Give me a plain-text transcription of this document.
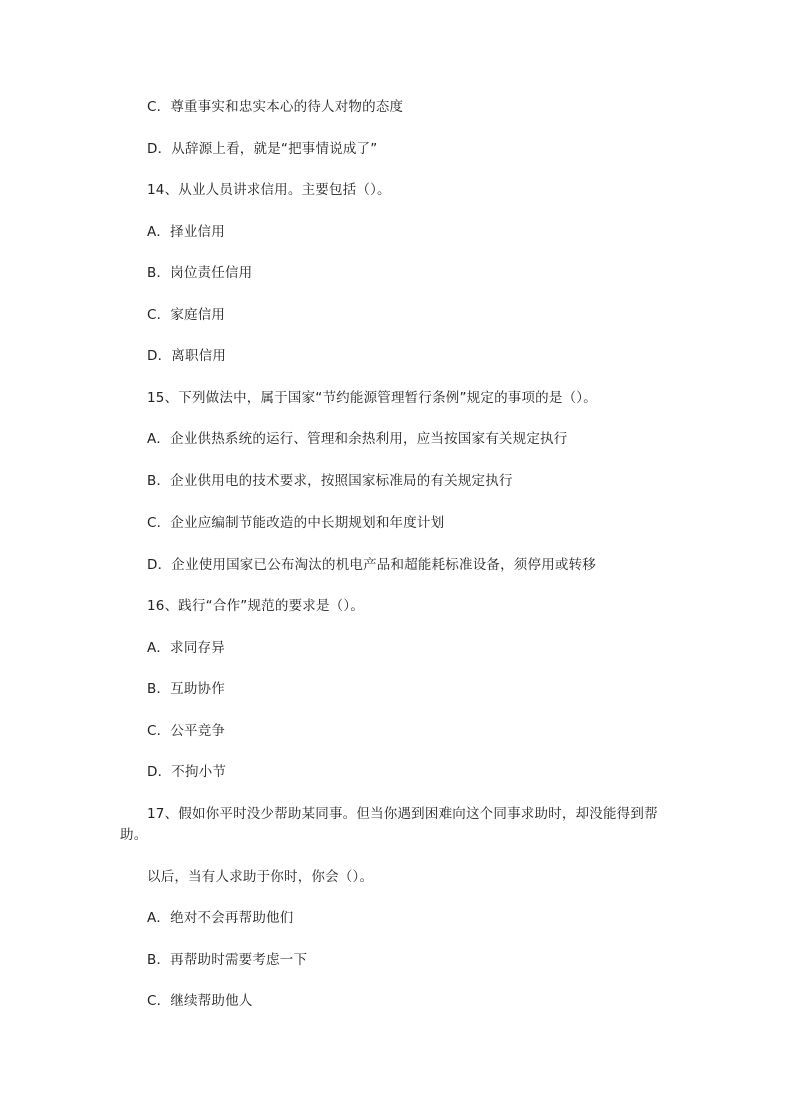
C．尊重事实和忠实本心的待人对物的态度
D．从辞源上看，就是“把事情说成了”
14、从业人员讲求信用。主要包括（）。
A．择业信用
B．岗位责任信用
C．家庭信用
D．离职信用
15、下列做法中，属于国家“节约能源管理暂行条例”规定的事项的是（）。
A．企业供热系统的运行、管理和余热利用，应当按国家有关规定执行
B．企业供用电的技术要求，按照国家标准局的有关规定执行
C．企业应编制节能改造的中长期规划和年度计划
D．企业使用国家已公布淘汰的机电产品和超能耗标准设备，须停用或转移
16、践行“合作”规范的要求是（）。
A．求同存异
B．互助协作
C．公平竞争
D．不拘小节
17、假如你平时没少帮助某同事。但当你遇到困难向这个同事求助时，却没能得到帮
助。
以后，当有人求助于你时，你会（）。
A．绝对不会再帮助他们
B．再帮助时需要考虑一下
C．继续帮助他人
